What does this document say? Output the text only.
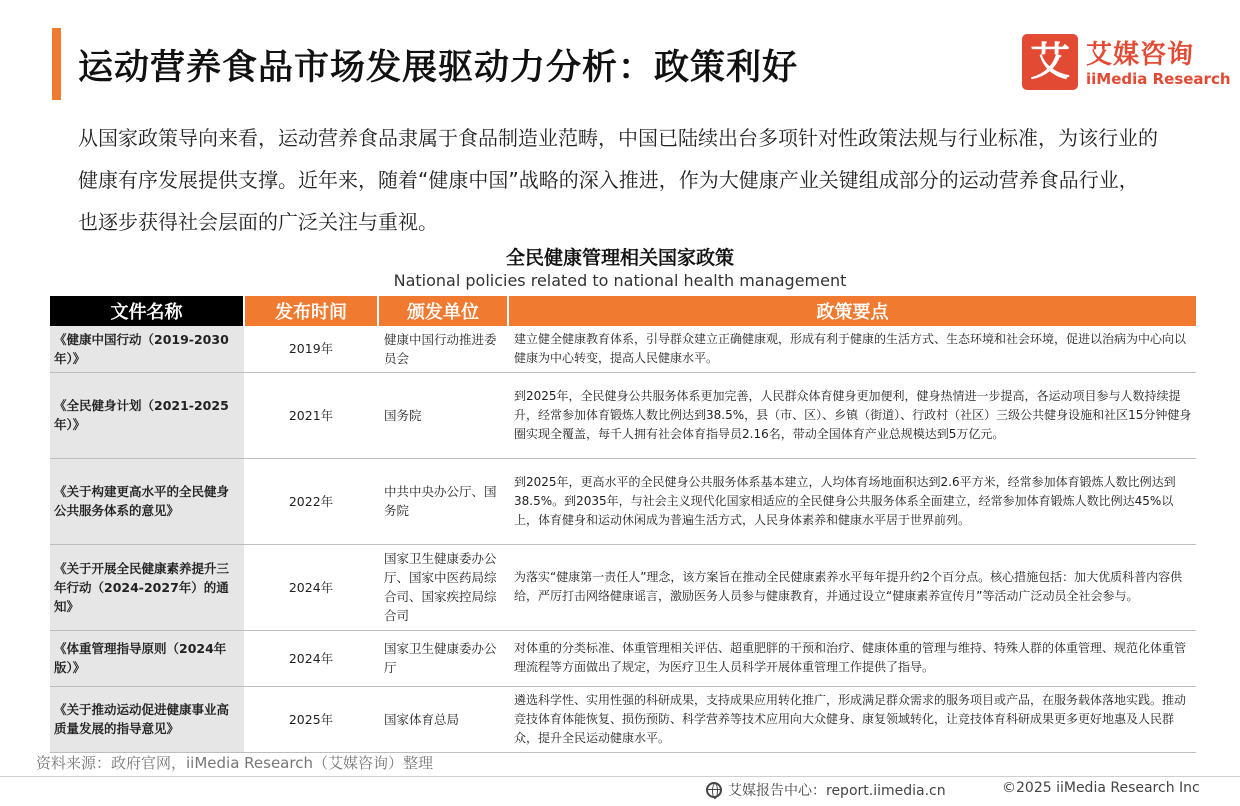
运动营养食品市场发展驱动力分析：政策利好	艾 艾媒咨询
iiMedia Research

从国家政策导向来看，运动营养食品隶属于食品制造业范畴，中国已陆续出台多项针对性政策法规与行业标准，为该行业的健康有序发展提供支撑。近年来，随着“健康中国”战略的深入推进，作为大健康产业关键组成部分的运动营养食品行业，也逐步获得社会层面的广泛关注与重视。

全民健康管理相关国家政策
National policies related to national health management
文件名称	发布时间	颁发单位	政策要点
《健康中国行动（2019-2030年）》	2019年	健康中国行动推进委员会	建立健全健康教育体系，引导群众建立正确健康观，形成有利于健康的生活方式、生态环境和社会环境，促进以治病为中心向以健康为中心转变，提高人民健康水平。
《全民健身计划（2021-2025年）》	2021年	国务院	到2025年，全民健身公共服务体系更加完善，人民群众体育健身更加便利，健身热情进一步提高，各运动项目参与人数持续提升，经常参加体育锻炼人数比例达到38.5%，县（市、区）、乡镇（街道）、行政村（社区）三级公共健身设施和社区15分钟健身圈实现全覆盖，每千人拥有社会体育指导员2.16名，带动全国体育产业总规模达到5万亿元。
《关于构建更高水平的全民健身公共服务体系的意见》	2022年	中共中央办公厅、国务院	到2025年，更高水平的全民健身公共服务体系基本建立，人均体育场地面积达到2.6平方米，经常参加体育锻炼人数比例达到38.5%。到2035年，与社会主义现代化国家相适应的全民健身公共服务体系全面建立，经常参加体育锻炼人数比例达45%以上，体育健身和运动休闲成为普遍生活方式，人民身体素养和健康水平居于世界前列。
《关于开展全民健康素养提升三年行动（2024-2027年）的通知》	2024年	国家卫生健康委办公厅、国家中医药局综合司、国家疾控局综合司	为落实“健康第一责任人”理念，该方案旨在推动全民健康素养水平每年提升约2个百分点。核心措施包括：加大优质科普内容供给，严厉打击网络健康谣言，激励医务人员参与健康教育，并通过设立“健康素养宣传月”等活动广泛动员全社会参与。
《体重管理指导原则（2024年版）》	2024年	国家卫生健康委办公厅	对体重的分类标准、体重管理相关评估、超重肥胖的干预和治疗、健康体重的管理与维持、特殊人群的体重管理、规范化体重管理流程等方面做出了规定，为医疗卫生人员科学开展体重管理工作提供了指导。
《关于推动运动促进健康事业高质量发展的指导意见》	2025年	国家体育总局	遴选科学性、实用性强的科研成果，支持成果应用转化推广，形成满足群众需求的服务项目或产品，在服务载体落地实践。推动竞技体育体能恢复、损伤预防、科学营养等技术应用向大众健身、康复领域转化，让竞技体育科研成果更多更好地惠及人民群众，提升全民运动健康水平。
资料来源：政府官网，iiMedia Research（艾媒咨询）整理
艾媒报告中心：report.iimedia.cn	©2025 iiMedia Research Inc
